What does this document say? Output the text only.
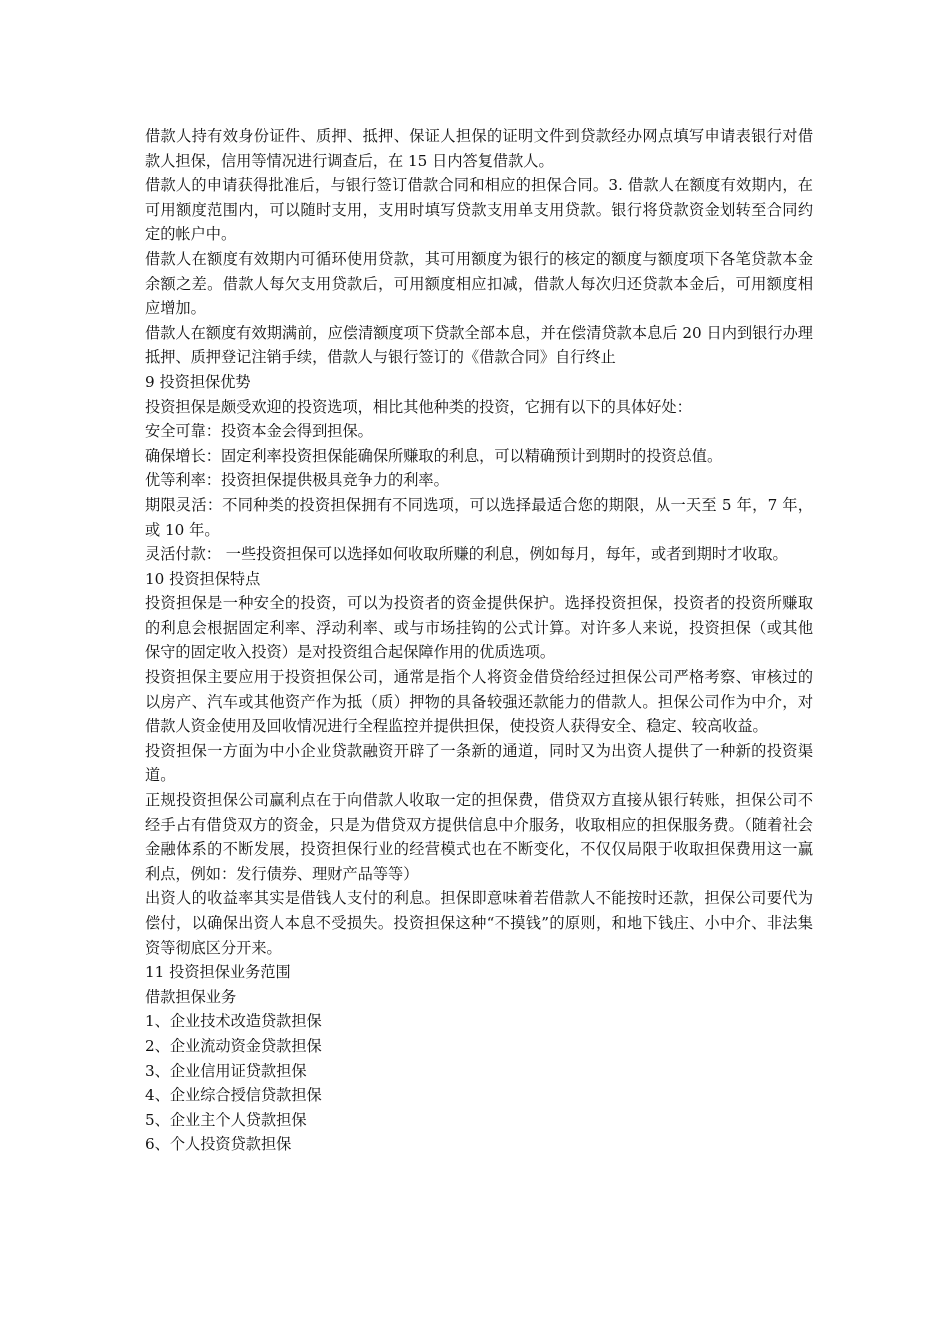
借款人持有效身份证件、质押、抵押、保证人担保的证明文件到贷款经办网点填写申请表银行对借款人担保，信用等情况进行调查后，在 15 日内答复借款人。

借款人的申请获得批准后，与银行签订借款合同和相应的担保合同。3. 借款人在额度有效期内，在可用额度范围内，可以随时支用，支用时填写贷款支用单支用贷款。银行将贷款资金划转至合同约定的帐户中。

借款人在额度有效期内可循环使用贷款，其可用额度为银行的核定的额度与额度项下各笔贷款本金余额之差。借款人每欠支用贷款后，可用额度相应扣减，借款人每次归还贷款本金后，可用额度相应增加。

借款人在额度有效期满前，应偿清额度项下贷款全部本息，并在偿清贷款本息后 20 日内到银行办理抵押、质押登记注销手续，借款人与银行签订的《借款合同》自行终止

9 投资担保优势

投资担保是颇受欢迎的投资选项，相比其他种类的投资，它拥有以下的具体好处：

安全可靠：投资本金会得到担保。

确保增长：固定利率投资担保能确保所赚取的利息，可以精确预计到期时的投资总值。

优等利率：投资担保提供极具竞争力的利率。

期限灵活：不同种类的投资担保拥有不同选项，可以选择最适合您的期限，从一天至 5 年，7 年，或 10 年。

灵活付款： 一些投资担保可以选择如何收取所赚的利息，例如每月，每年，或者到期时才收取。

10 投资担保特点

投资担保是一种安全的投资，可以为投资者的资金提供保护。选择投资担保，投资者的投资所赚取的利息会根据固定利率、浮动利率、或与市场挂钩的公式计算。对许多人来说，投资担保（或其他保守的固定收入投资）是对投资组合起保障作用的优质选项。

投资担保主要应用于投资担保公司，通常是指个人将资金借贷给经过担保公司严格考察、审核过的以房产、汽车或其他资产作为抵（质）押物的具备较强还款能力的借款人。担保公司作为中介，对借款人资金使用及回收情况进行全程监控并提供担保，使投资人获得安全、稳定、较高收益。

投资担保一方面为中小企业贷款融资开辟了一条新的通道，同时又为出资人提供了一种新的投资渠道。

正规投资担保公司赢利点在于向借款人收取一定的担保费，借贷双方直接从银行转账，担保公司不经手占有借贷双方的资金，只是为借贷双方提供信息中介服务，收取相应的担保服务费。（随着社会金融体系的不断发展，投资担保行业的经营模式也在不断变化，不仅仅局限于收取担保费用这一赢利点，例如：发行债券、理财产品等等）

出资人的收益率其实是借钱人支付的利息。担保即意味着若借款人不能按时还款，担保公司要代为偿付，以确保出资人本息不受损失。投资担保这种“不摸钱”的原则，和地下钱庄、小中介、非法集资等彻底区分开来。

11 投资担保业务范围

借款担保业务

1、企业技术改造贷款担保

2、企业流动资金贷款担保

3、企业信用证贷款担保

4、企业综合授信贷款担保

5、企业主个人贷款担保

6、个人投资贷款担保
